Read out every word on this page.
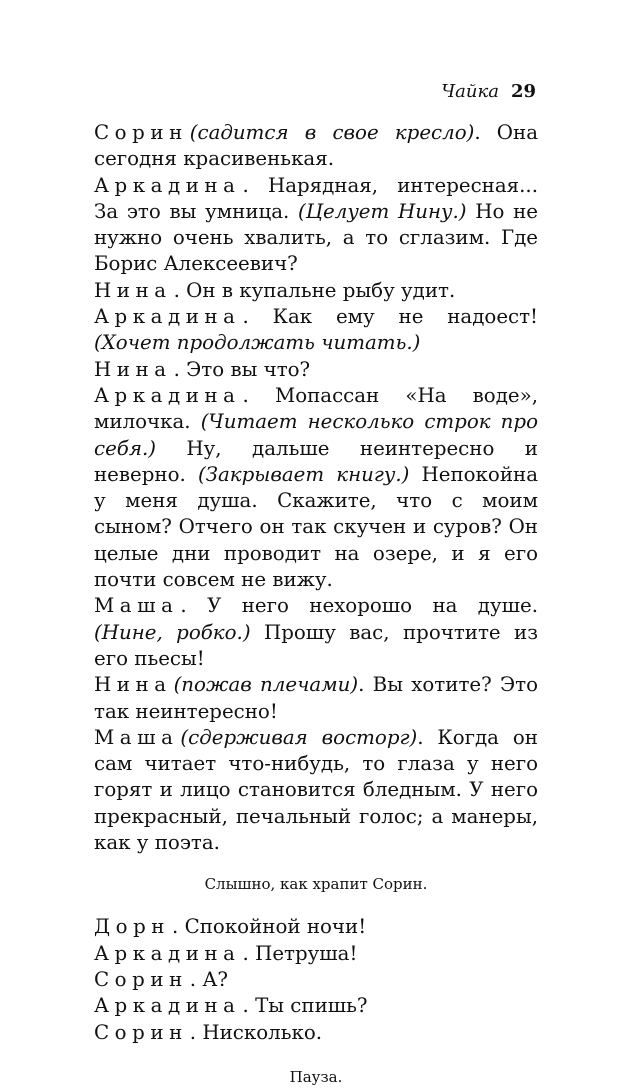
Чайка 29

Сорин (садится в свое кресло). Она сегодня красивенькая.

Аркадина . Нарядная, интересная... За это вы умница. (Целует Нину.) Но не нужно очень хвалить, а то сглазим. Где Борис Алексеевич?

Нина . Он в купальне рыбу удит.

Аркадина . Как ему не надоест! (Хочет продолжать читать.)

Нина . Это вы что?

Аркадина . Мопассан «На воде», милочка. (Читает несколько строк про себя.) Ну, дальше неинтересно и неверно. (Закрывает книгу.) Непокойна у меня душа. Скажите, что с моим сыном? Отчего он так скучен и суров? Он целые дни проводит на озере, и я его почти совсем не вижу.

Маша . У него нехорошо на душе. (Нине, робко.) Прошу вас, прочтите из его пьесы!

Нина (пожав плечами). Вы хотите? Это так неинтересно!

Маша (сдерживая восторг). Когда он сам читает что-нибудь, то глаза у него горят и лицо становится бледным. У него прекрасный, печальный голос; а манеры, как у поэта.

Слышно, как храпит Сорин.

Дорн . Спокойной ночи!

Аркадина . Петруша!

Сорин . А?

Аркадина . Ты спишь?

Сорин . Нисколько.

Пауза.
